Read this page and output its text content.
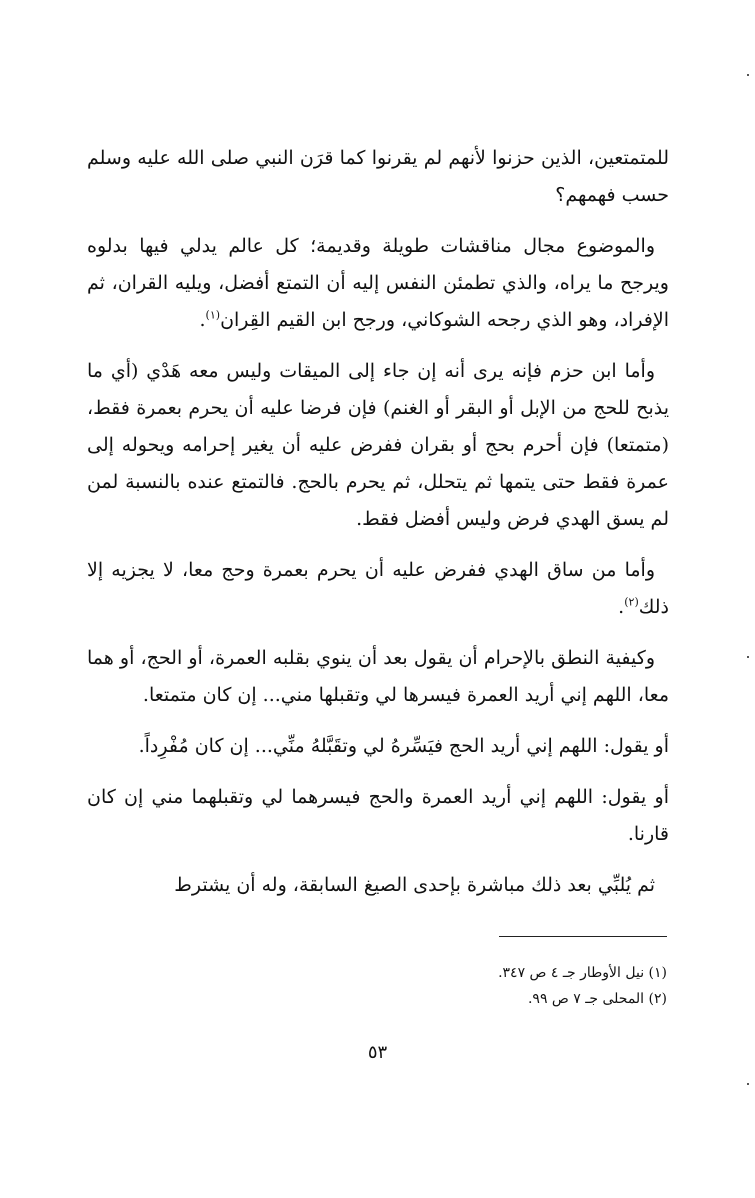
للمتمتعين، الذين حزنوا لأنهم لم يقرنوا كما قرَن النبي صلى الله عليه وسلم حسب فهمهم؟

والموضوع مجال مناقشات طويلة وقديمة؛ كل عالم يدلي فيها بدلوه ويرجح ما يراه، والذي تطمئن النفس إليه أن التمتع أفضل، ويليه القران، ثم الإفراد، وهو الذي رجحه الشوكاني، ورجح ابن القيم القِران$^{(١)}$.

وأما ابن حزم فإنه يرى أنه إن جاء إلى الميقات وليس معه هَدْي (أي ما يذبح للحج من الإبل أو البقر أو الغنم) فإن فرضا عليه أن يحرم بعمرة فقط، (متمتعا) فإن أحرم بحج أو بقران ففرض عليه أن يغير إحرامه ويحوله إلى عمرة فقط حتى يتمها ثم يتحلل، ثم يحرم بالحج. فالتمتع عنده بالنسبة لمن لم يسق الهدي فرض وليس أفضل فقط.

وأما من ساق الهدي ففرض عليه أن يحرم بعمرة وحج معا، لا يجزيه إلا ذلك$^{(٢)}$.

وكيفية النطق بالإحرام أن يقول بعد أن ينوي بقلبه العمرة، أو الحج، أو هما معا، اللهم إني أريد العمرة فيسرها لي وتقبلها مني... إن كان متمتعا.

أو يقول: اللهم إني أريد الحج فيَسِّرهُ لي وتقَبَّلهُ منِّي... إن كان مُفْرِداً.

أو يقول: اللهم إني أريد العمرة والحج فيسرهما لي وتقبلهما مني إن كان قارنا.

ثم يُلبِّي بعد ذلك مباشرة بإحدى الصيغ السابقة، وله أن يشترط

(١) نيل الأوطار جـ ٤ ص ٣٤٧.

(٢) المحلى جـ ٧ ص ٩٩.

٥٣
